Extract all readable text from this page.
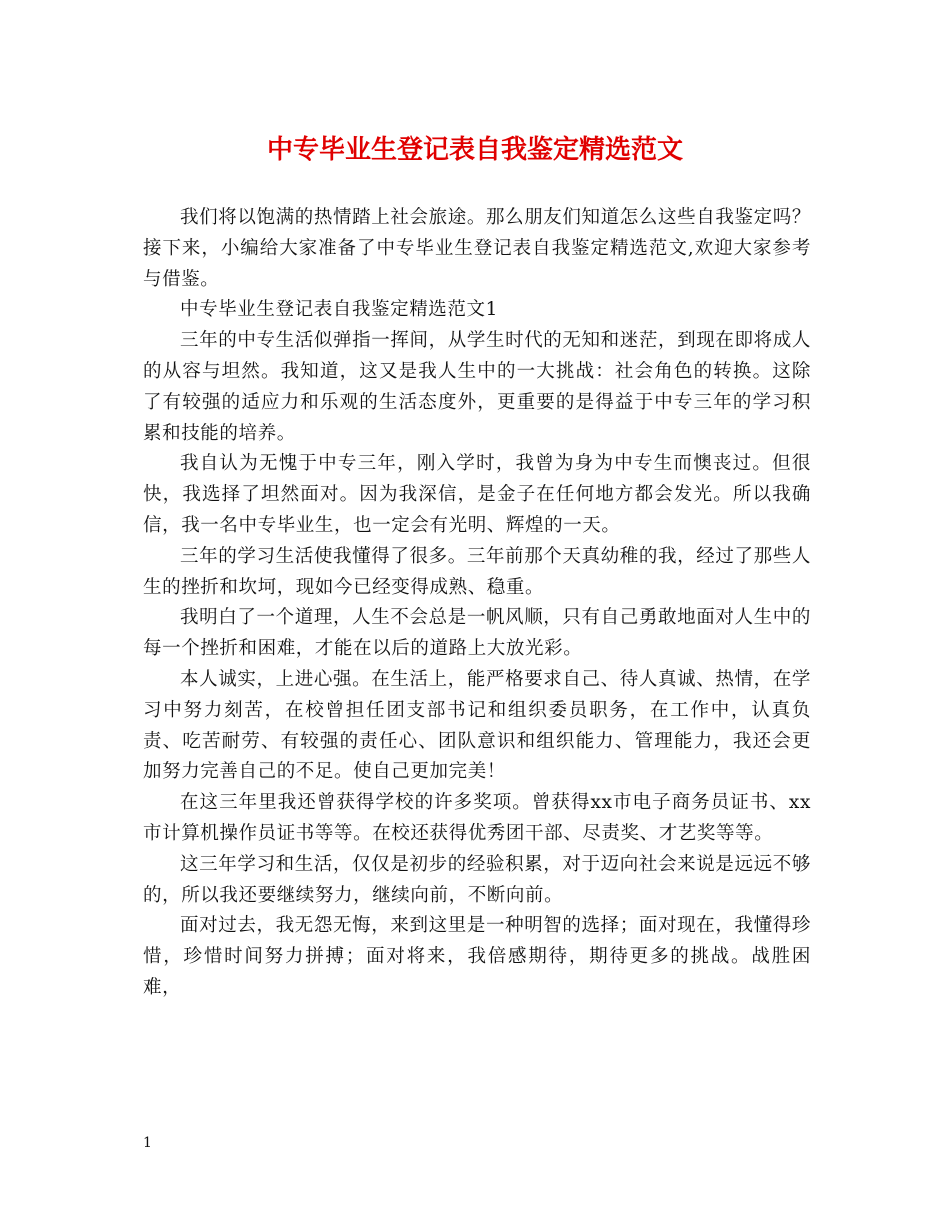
中专毕业生登记表自我鉴定精选范文

我们将以饱满的热情踏上社会旅途。那么朋友们知道怎么这些自我鉴定吗？接下来，小编给大家准备了中专毕业生登记表自我鉴定精选范文,欢迎大家参考与借鉴。

中专毕业生登记表自我鉴定精选范文1

三年的中专生活似弹指一挥间，从学生时代的无知和迷茫，到现在即将成人的从容与坦然。我知道，这又是我人生中的一大挑战：社会角色的转换。这除了有较强的适应力和乐观的生活态度外，更重要的是得益于中专三年的学习积累和技能的培养。

我自认为无愧于中专三年，刚入学时，我曾为身为中专生而懊丧过。但很快，我选择了坦然面对。因为我深信，是金子在任何地方都会发光。所以我确信，我一名中专毕业生，也一定会有光明、辉煌的一天。

三年的学习生活使我懂得了很多。三年前那个天真幼稚的我，经过了那些人生的挫折和坎坷，现如今已经变得成熟、稳重。

我明白了一个道理，人生不会总是一帆风顺，只有自己勇敢地面对人生中的每一个挫折和困难，才能在以后的道路上大放光彩。

本人诚实，上进心强。在生活上，能严格要求自己、待人真诚、热情，在学习中努力刻苦，在校曾担任团支部书记和组织委员职务，在工作中，认真负责、吃苦耐劳、有较强的责任心、团队意识和组织能力、管理能力，我还会更加努力完善自己的不足。使自己更加完美！

在这三年里我还曾获得学校的许多奖项。曾获得xx市电子商务员证书、xx市计算机操作员证书等等。在校还获得优秀团干部、尽责奖、才艺奖等等。

这三年学习和生活，仅仅是初步的经验积累，对于迈向社会来说是远远不够的，所以我还要继续努力，继续向前，不断向前。

面对过去，我无怨无悔，来到这里是一种明智的选择；面对现在，我懂得珍惜，珍惜时间努力拼搏；面对将来，我倍感期待，期待更多的挑战。战胜困难，

1
